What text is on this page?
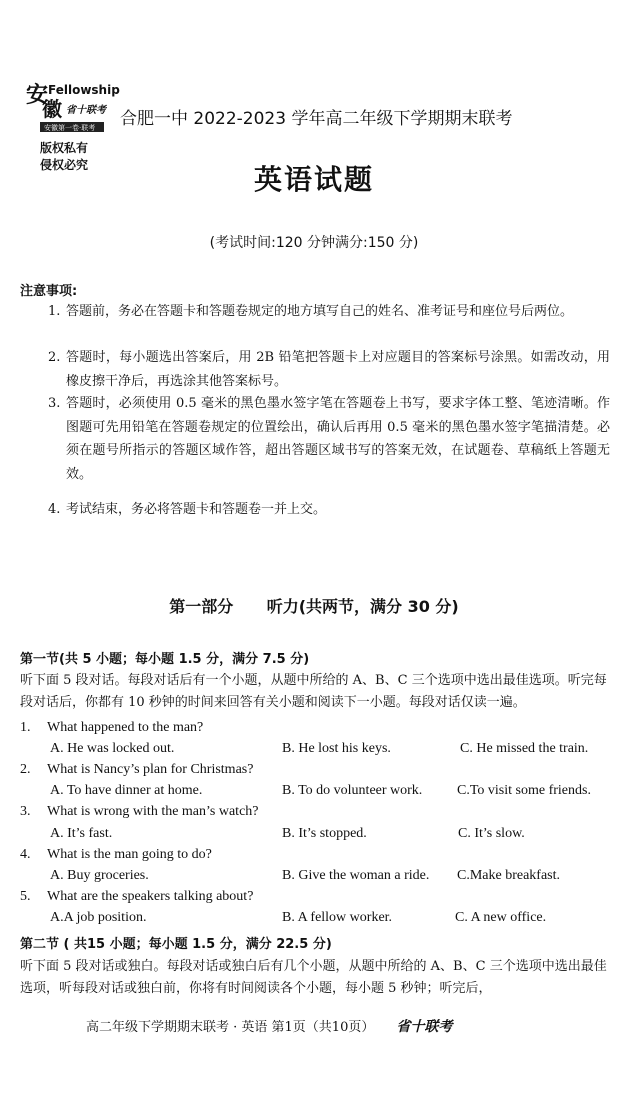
安 Fellowship
徽 省十联考
安徽第一卷·联考
版权私有
侵权必究
合肥一中 2022-2023 学年高二年级下学期期末联考
英语试题
(考试时间:120 分钟满分:150 分)
注意事项:
1. 答题前，务必在答题卡和答题卷规定的地方填写自己的姓名、准考证号和座位号后两位。
2. 答题时，每小题选出答案后，用 2B 铅笔把答题卡上对应题目的答案标号涂黑。如需改动，用橡皮擦干净后，再选涂其他答案标号。
3. 答题时，必须使用 0.5 毫米的黑色墨水签字笔在答题卷上书写，要求字体工整、笔迹清晰。作图题可先用铅笔在答题卷规定的位置绘出，确认后再用 0.5 毫米的黑色墨水签字笔描清楚。必须在题号所指示的答题区域作答，超出答题区域书写的答案无效，在试题卷、草稿纸上答题无效。
4. 考试结束，务必将答题卡和答题卷一并上交。
第一部分      听力(共两节，满分 30 分)
第一节(共 5 小题；每小题 1.5 分，满分 7.5 分)
听下面 5 段对话。每段对话后有一个小题，从题中所给的 A、B、C 三个选项中选出最佳选项。听完每段对话后，你都有 10 秒钟的时间来回答有关小题和阅读下一小题。每段对话仅读一遍。
1. What happened to the man?
A. He was locked out.	B. He lost his keys.	C. He missed the train.
2. What is Nancy’s plan for Christmas?
A. To have dinner at home.	B. To do volunteer work. C.To visit some friends.
3. What is wrong with the man’s watch?
A. It’s fast.	B. It’s stopped.	C. It’s slow.
4. What is the man going to do?
A. Buy groceries.	B. Give the woman a ride. C.Make breakfast.
5. What are the speakers talking about?
A.A job position.	B. A fellow worker.	C. A new office.
第二节 ( 共15 小题；每小题 1.5 分，满分 22.5 分)
听下面 5 段对话或独白。每段对话或独白后有几个小题，从题中所给的 A、B、C 三个选项中选出最佳选项，听每段对话或独白前，你将有时间阅读各个小题，每小题 5 秒钟；听完后，
高二年级下学期期末联考 · 英语 第1页（共10页） 省十联考
